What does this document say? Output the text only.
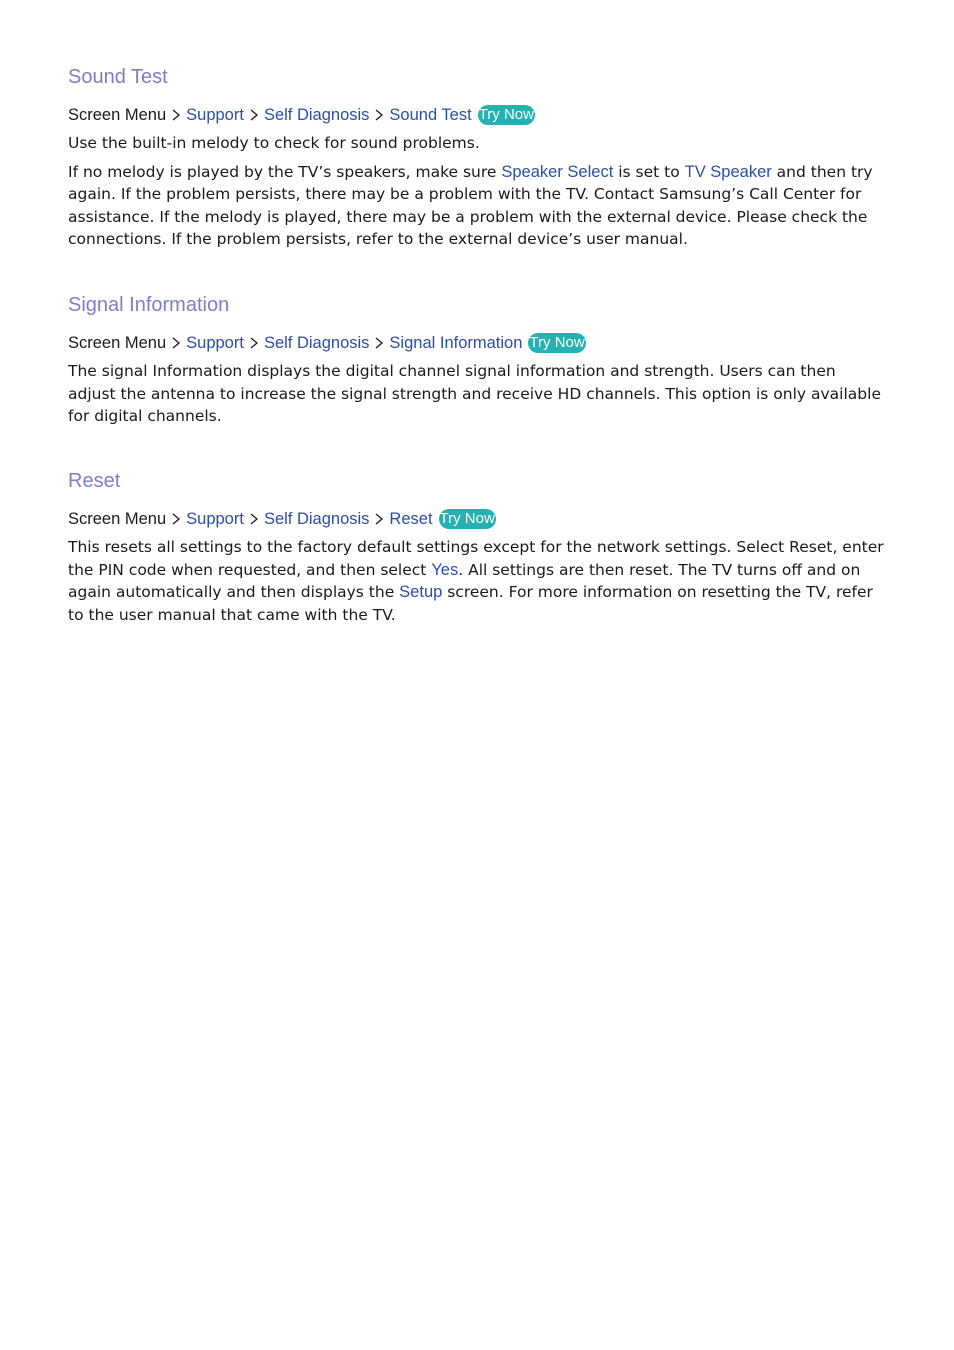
Sound Test
Screen Menu Support Self Diagnosis Sound Test Try Now

Use the built-in melody to check for sound problems.

If no melody is played by the TV’s speakers, make sure Speaker Select is set to TV Speaker and then try again. If the problem persists, there may be a problem with the TV. Contact Samsung’s Call Center for assistance. If the melody is played, there may be a problem with the external device. Please check the connections. If the problem persists, refer to the external device’s user manual.

Signal Information
Screen Menu Support Self Diagnosis Signal Information Try Now

The signal Information displays the digital channel signal information and strength. Users can then adjust the antenna to increase the signal strength and receive HD channels. This option is only available for digital channels.

Reset
Screen Menu Support Self Diagnosis Reset Try Now

This resets all settings to the factory default settings except for the network settings. Select Reset, enter the PIN code when requested, and then select Yes. All settings are then reset. The TV turns off and on again automatically and then displays the Setup screen. For more information on resetting the TV, refer to the user manual that came with the TV.
